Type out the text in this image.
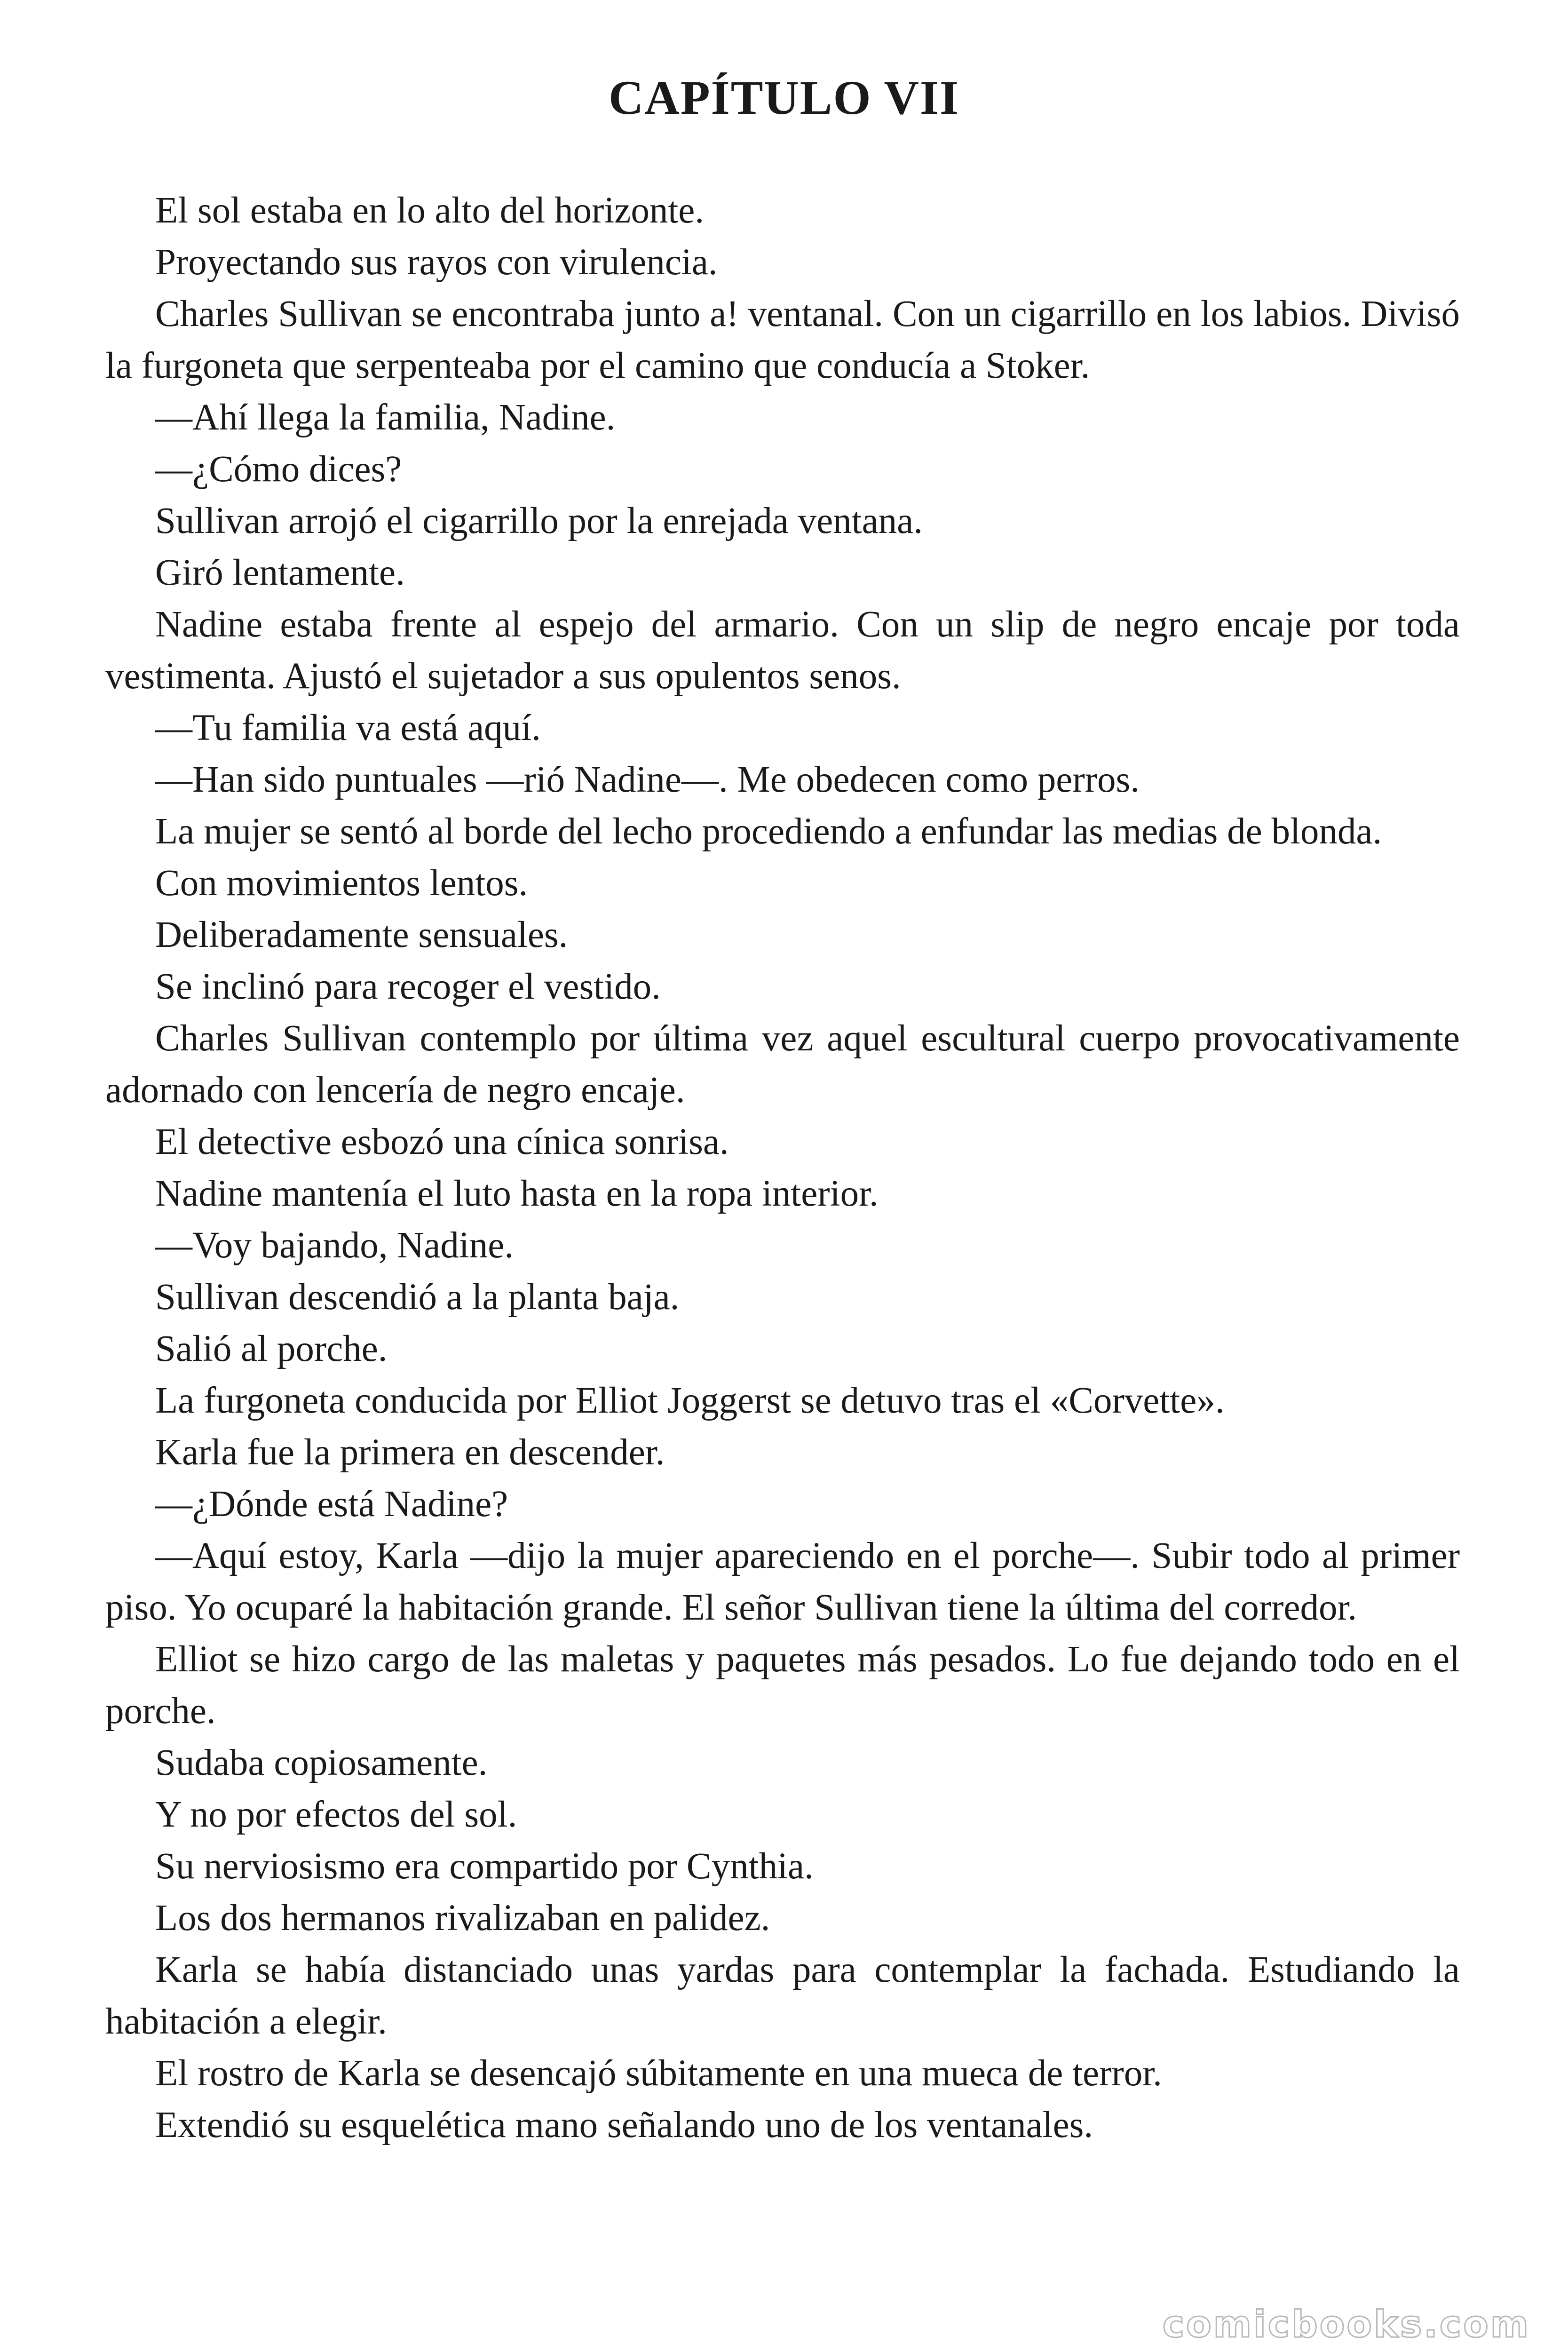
CAPÍTULO VII

El sol estaba en lo alto del horizonte.

Proyectando sus rayos con virulencia.

Charles Sullivan se encontraba junto a! ventanal. Con un cigarrillo en los labios. Divisó la furgoneta que serpenteaba por el camino que conducía a Stoker.

—Ahí llega la familia, Nadine.

—¿Cómo dices?

Sullivan arrojó el cigarrillo por la enrejada ventana.

Giró lentamente.

Nadine estaba frente al espejo del armario. Con un slip de negro encaje por toda vestimenta. Ajustó el sujetador a sus opulentos senos.

—Tu familia va está aquí.

—Han sido puntuales —rió Nadine—. Me obedecen como perros.

La mujer se sentó al borde del lecho procediendo a enfundar las medias de blonda.

Con movimientos lentos.

Deliberadamente sensuales.

Se inclinó para recoger el vestido.

Charles Sullivan contemplo por última vez aquel escultural cuerpo provocativamente adornado con lencería de negro encaje.

El detective esbozó una cínica sonrisa.

Nadine mantenía el luto hasta en la ropa interior.

—Voy bajando, Nadine.

Sullivan descendió a la planta baja.

Salió al porche.

La furgoneta conducida por Elliot Joggerst se detuvo tras el «Corvette».

Karla fue la primera en descender.

—¿Dónde está Nadine?

—Aquí estoy, Karla —dijo la mujer apareciendo en el porche—. Subir todo al primer piso. Yo ocuparé la habitación grande. El señor Sullivan tiene la última del corredor.

Elliot se hizo cargo de las maletas y paquetes más pesados. Lo fue dejando todo en el porche.

Sudaba copiosamente.

Y no por efectos del sol.

Su nerviosismo era compartido por Cynthia.

Los dos hermanos rivalizaban en palidez.

Karla se había distanciado unas yardas para contemplar la fachada. Estudiando la habitación a elegir.

El rostro de Karla se desencajó súbitamente en una mueca de terror.

Extendió su esquelética mano señalando uno de los ventanales.

comicbooks.com
